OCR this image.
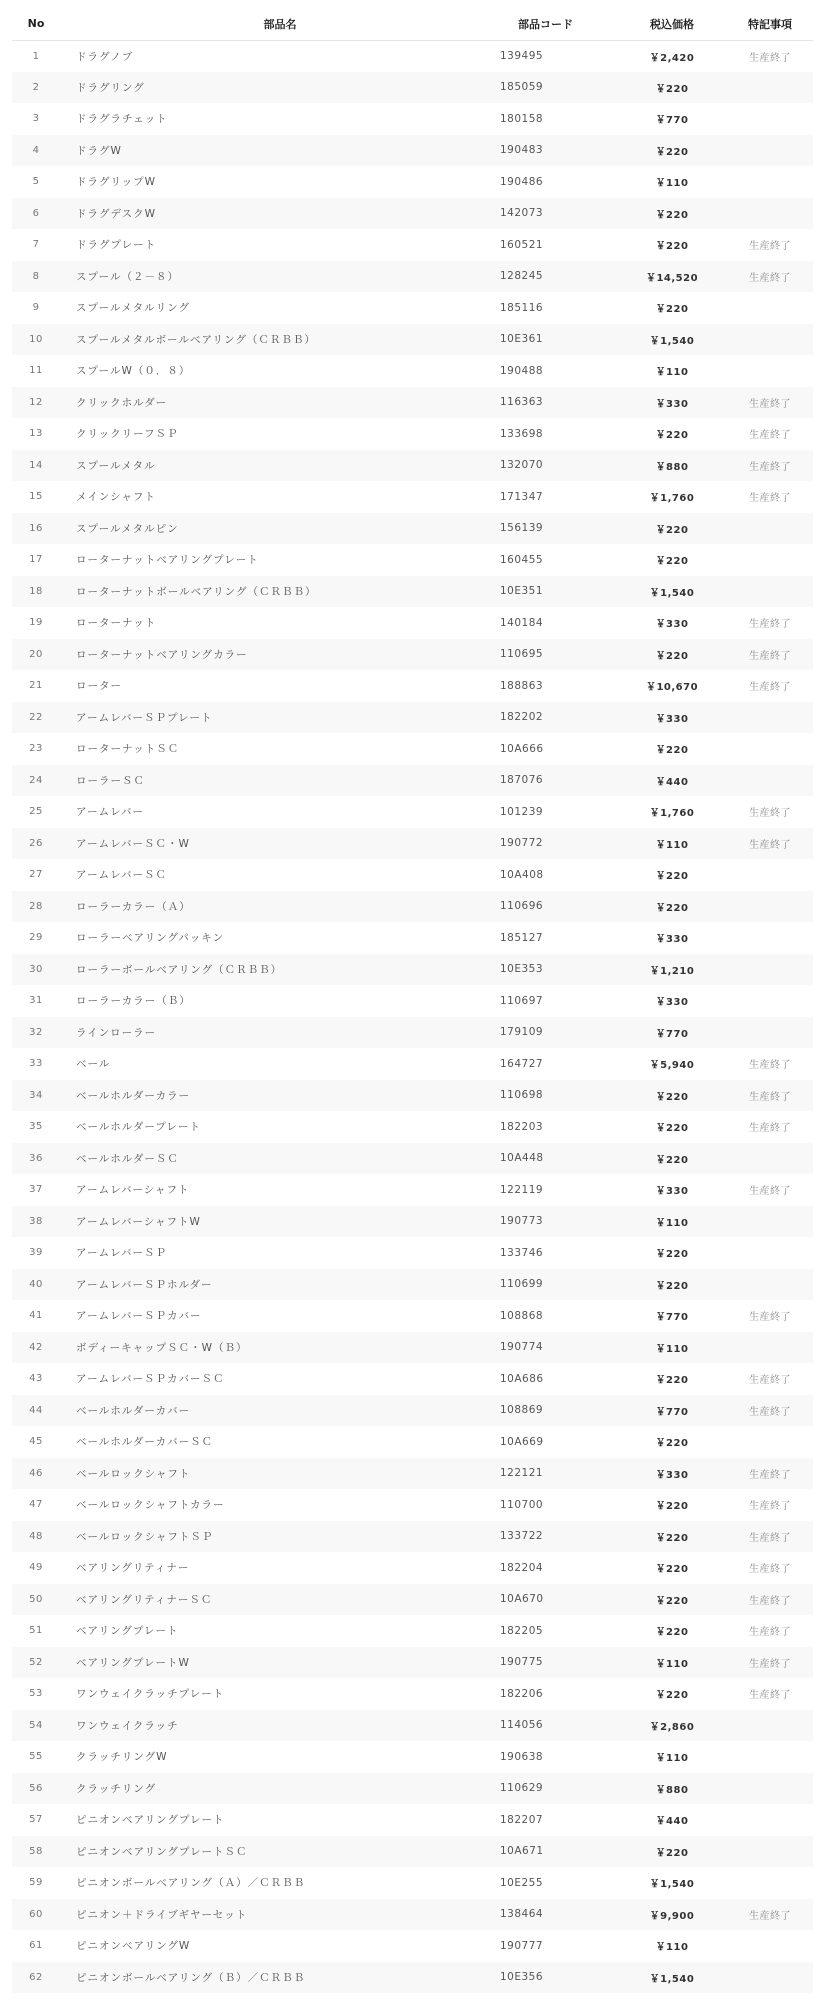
No	部品名	部品コード	税込価格	特記事項
1	ドラグノブ	139495	￥2,420	生産終了
2	ドラグリング	185059	￥220	
3	ドラグラチェット	180158	￥770	
4	ドラグW	190483	￥220	
5	ドラグリップW	190486	￥110	
6	ドラグデスクW	142073	￥220	
7	ドラグプレート	160521	￥220	生産終了
8	スプール（２－８）	128245	￥14,520	生産終了
9	スプールメタルリング	185116	￥220	
10	スプールメタルボールベアリング（ＣＲＢＢ）	10E361	￥1,540	
11	スプールW（０．８）	190488	￥110	
12	クリックホルダー	116363	￥330	生産終了
13	クリックリーフＳＰ	133698	￥220	生産終了
14	スプールメタル	132070	￥880	生産終了
15	メインシャフト	171347	￥1,760	生産終了
16	スプールメタルピン	156139	￥220	
17	ローターナットベアリングプレート	160455	￥220	
18	ローターナットボールベアリング（ＣＲＢＢ）	10E351	￥1,540	
19	ローターナット	140184	￥330	生産終了
20	ローターナットベアリングカラー	110695	￥220	生産終了
21	ローター	188863	￥10,670	生産終了
22	アームレバーＳＰプレート	182202	￥330	
23	ローターナットＳＣ	10A666	￥220	
24	ローラーＳＣ	187076	￥440	
25	アームレバー	101239	￥1,760	生産終了
26	アームレバーＳＣ・W	190772	￥110	生産終了
27	アームレバーＳＣ	10A408	￥220	
28	ローラーカラー（Ａ）	110696	￥220	
29	ローラーベアリングパッキン	185127	￥330	
30	ローラーボールベアリング（ＣＲＢＢ）	10E353	￥1,210	
31	ローラーカラー（Ｂ）	110697	￥330	
32	ラインローラー	179109	￥770	
33	ベール	164727	￥5,940	生産終了
34	ベールホルダーカラー	110698	￥220	生産終了
35	ベールホルダープレート	182203	￥220	生産終了
36	ベールホルダーＳＣ	10A448	￥220	
37	アームレバーシャフト	122119	￥330	生産終了
38	アームレバーシャフトW	190773	￥110	
39	アームレバーＳＰ	133746	￥220	
40	アームレバーＳＰホルダー	110699	￥220	
41	アームレバーＳＰカバー	108868	￥770	生産終了
42	ボディーキャップＳＣ・W（Ｂ）	190774	￥110	
43	アームレバーＳＰカバーＳＣ	10A686	￥220	生産終了
44	ベールホルダーカバー	108869	￥770	生産終了
45	ベールホルダーカバーＳＣ	10A669	￥220	
46	ベールロックシャフト	122121	￥330	生産終了
47	ベールロックシャフトカラー	110700	￥220	生産終了
48	ベールロックシャフトＳＰ	133722	￥220	生産終了
49	ベアリングリティナー	182204	￥220	生産終了
50	ベアリングリティナーＳＣ	10A670	￥220	生産終了
51	ベアリングプレート	182205	￥220	生産終了
52	ベアリングプレートW	190775	￥110	生産終了
53	ワンウェイクラッチプレート	182206	￥220	生産終了
54	ワンウェイクラッチ	114056	￥2,860	
55	クラッチリングW	190638	￥110	
56	クラッチリング	110629	￥880	
57	ピニオンベアリングプレート	182207	￥440	
58	ピニオンベアリングプレートＳＣ	10A671	￥220	
59	ピニオンボールベアリング（Ａ）／ＣＲＢＢ	10E255	￥1,540	
60	ピニオン＋ドライブギヤーセット	138464	￥9,900	生産終了
61	ピニオンベアリングW	190777	￥110	
62	ピニオンボールベアリング（Ｂ）／ＣＲＢＢ	10E356	￥1,540	
